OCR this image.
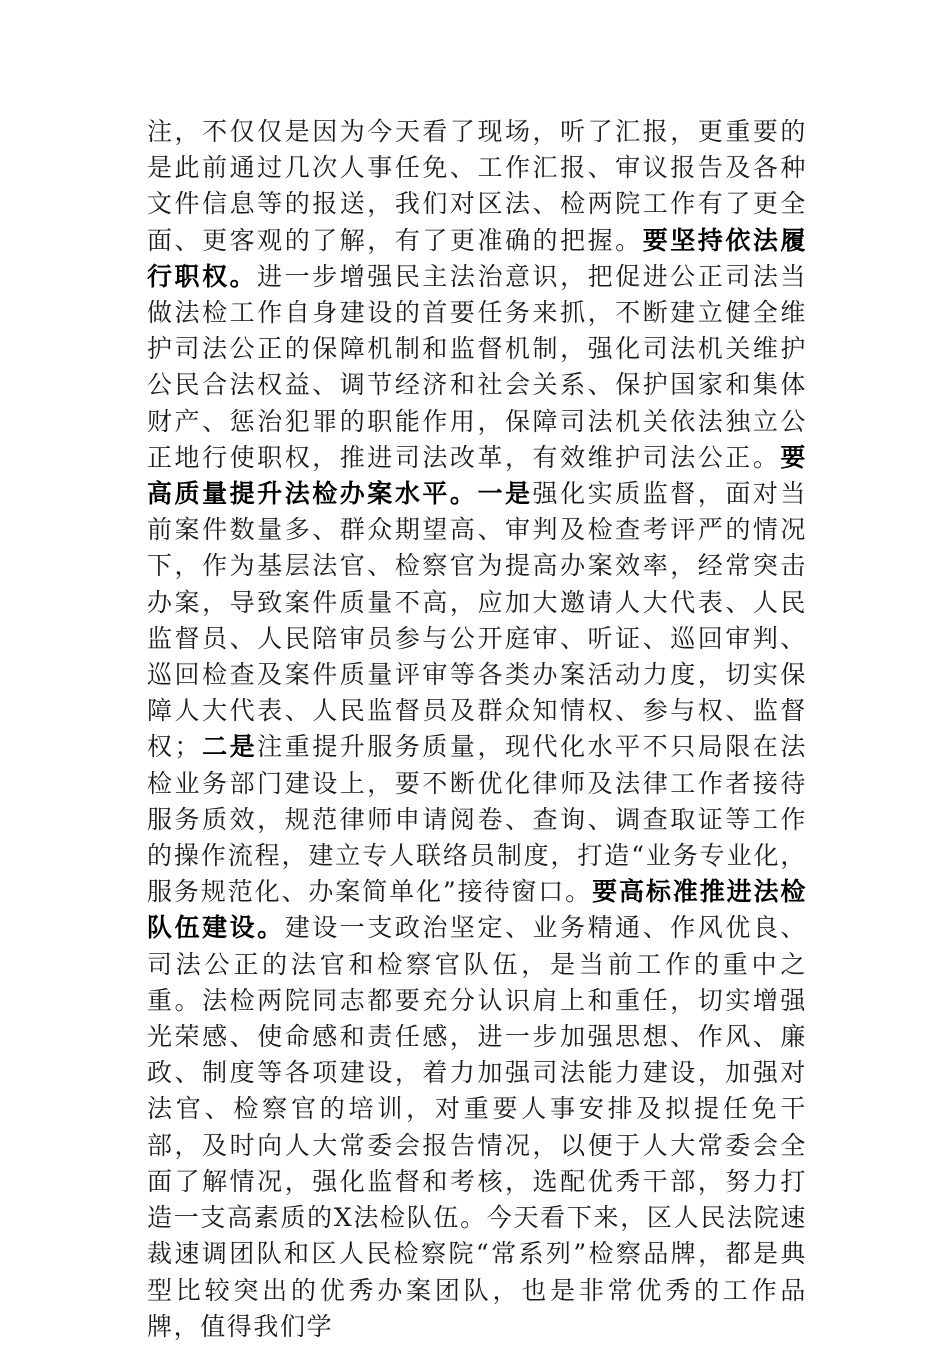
注，不仅仅是因为今天看了现场，听了汇报，更重要的是此前通过几次人事任免、工作汇报、审议报告及各种文件信息等的报送，我们对区法、检两院工作有了更全面、更客观的了解，有了更准确的把握。要坚持依法履行职权。进一步增强民主法治意识，把促进公正司法当做法检工作自身建设的首要任务来抓，不断建立健全维护司法公正的保障机制和监督机制，强化司法机关维护公民合法权益、调节经济和社会关系、保护国家和集体财产、惩治犯罪的职能作用，保障司法机关依法独立公正地行使职权，推进司法改革，有效维护司法公正。要高质量提升法检办案水平。一是强化实质监督，面对当前案件数量多、群众期望高、审判及检查考评严的情况下，作为基层法官、检察官为提高办案效率，经常突击办案，导致案件质量不高，应加大邀请人大代表、人民监督员、人民陪审员参与公开庭审、听证、巡回审判、巡回检查及案件质量评审等各类办案活动力度，切实保障人大代表、人民监督员及群众知情权、参与权、监督权；二是注重提升服务质量，现代化水平不只局限在法检业务部门建设上，要不断优化律师及法律工作者接待服务质效，规范律师申请阅卷、查询、调查取证等工作的操作流程，建立专人联络员制度，打造“业务专业化，服务规范化、办案简单化”接待窗口。要高标准推进法检队伍建设。建设一支政治坚定、业务精通、作风优良、司法公正的法官和检察官队伍，是当前工作的重中之重。法检两院同志都要充分认识肩上和重任，切实增强光荣感、使命感和责任感，进一步加强思想、作风、廉政、制度等各项建设，着力加强司法能力建设，加强对法官、检察官的培训，对重要人事安排及拟提任免干部，及时向人大常委会报告情况，以便于人大常委会全面了解情况，强化监督和考核，选配优秀干部，努力打造一支高素质的X法检队伍。今天看下来，区人民法院速裁速调团队和区人民检察院“常系列”检察品牌，都是典型比较突出的优秀办案团队，也是非常优秀的工作品牌，值得我们学
